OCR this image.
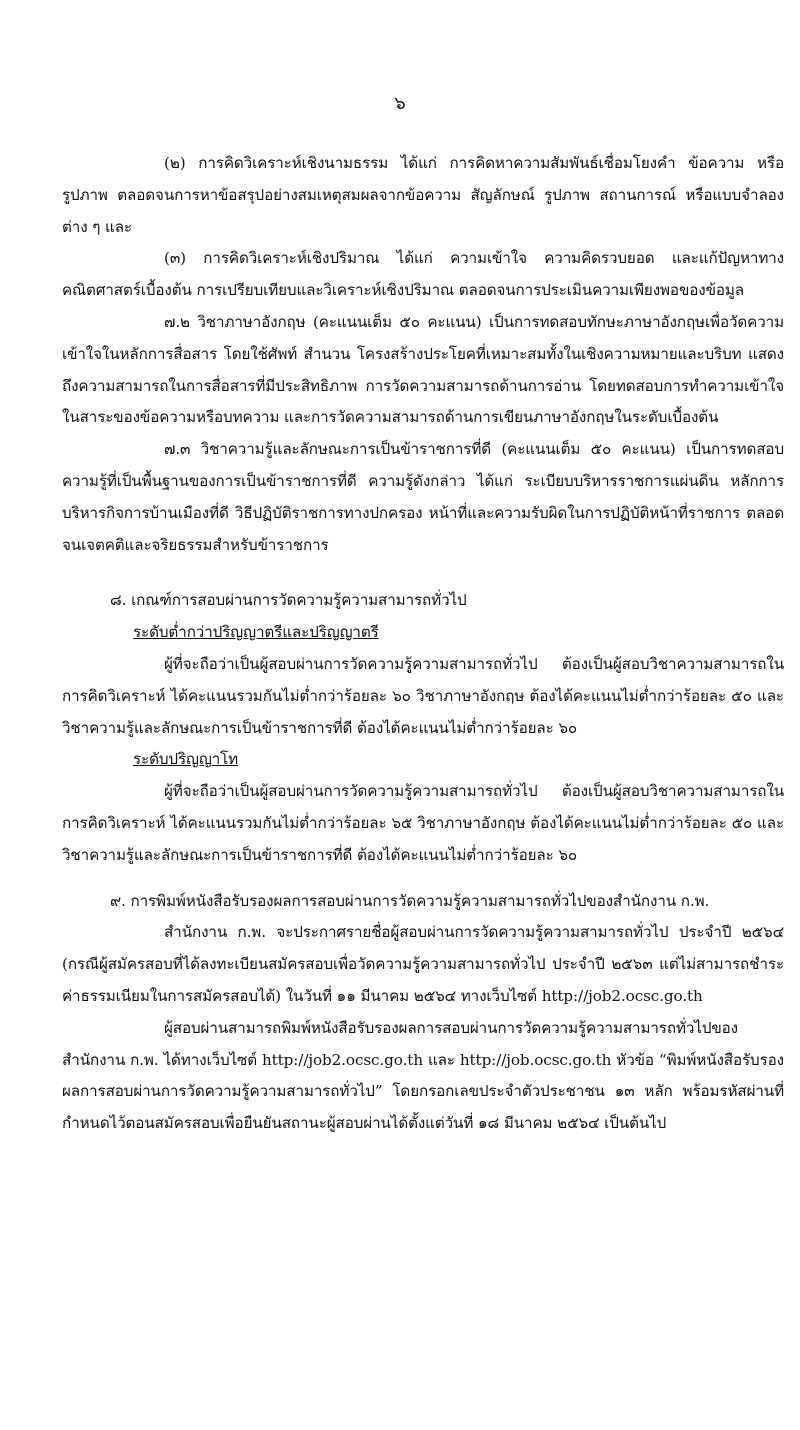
๖

(๒) การคิดวิเคราะห์เชิงนามธรรม ได้แก่ การคิดหาความสัมพันธ์เชื่อมโยงคำ ข้อความ หรือรูปภาพ ตลอดจนการหาข้อสรุปอย่างสมเหตุสมผลจากข้อความ สัญลักษณ์ รูปภาพ สถานการณ์ หรือแบบจำลองต่าง ๆ และ

(๓) การคิดวิเคราะห์เชิงปริมาณ ได้แก่ ความเข้าใจ ความคิดรวบยอด และแก้ปัญหาทางคณิตศาสตร์เบื้องต้น การเปรียบเทียบและวิเคราะห์เชิงปริมาณ ตลอดจนการประเมินความเพียงพอของข้อมูล

๗.๒ วิชาภาษาอังกฤษ (คะแนนเต็ม ๕๐ คะแนน) เป็นการทดสอบทักษะภาษาอังกฤษเพื่อวัดความเข้าใจในหลักการสื่อสาร โดยใช้ศัพท์ สำนวน โครงสร้างประโยคที่เหมาะสมทั้งในเชิงความหมายและบริบท แสดงถึงความสามารถในการสื่อสารที่มีประสิทธิภาพ การวัดความสามารถด้านการอ่าน โดยทดสอบการทำความเข้าใจในสาระของข้อความหรือบทความ และการวัดความสามารถด้านการเขียนภาษาอังกฤษในระดับเบื้องต้น

๗.๓ วิชาความรู้และลักษณะการเป็นข้าราชการที่ดี (คะแนนเต็ม ๕๐ คะแนน) เป็นการทดสอบความรู้ที่เป็นพื้นฐานของการเป็นข้าราชการที่ดี ความรู้ดังกล่าว ได้แก่ ระเบียบบริหารราชการแผ่นดิน หลักการบริหารกิจการบ้านเมืองที่ดี วิธีปฏิบัติราชการทางปกครอง หน้าที่และความรับผิดในการปฏิบัติหน้าที่ราชการ ตลอดจนเจตคติและจริยธรรมสำหรับข้าราชการ

๘. เกณฑ์การสอบผ่านการวัดความรู้ความสามารถทั่วไป

ระดับต่ำกว่าปริญญาตรีและปริญญาตรี

ผู้ที่จะถือว่าเป็นผู้สอบผ่านการวัดความรู้ความสามารถทั่วไป ต้องเป็นผู้สอบวิชาความสามารถในการคิดวิเคราะห์ ได้คะแนนรวมกันไม่ต่ำกว่าร้อยละ ๖๐ วิชาภาษาอังกฤษ ต้องได้คะแนนไม่ต่ำกว่าร้อยละ ๕๐ และวิชาความรู้และลักษณะการเป็นข้าราชการที่ดี ต้องได้คะแนนไม่ต่ำกว่าร้อยละ ๖๐

ระดับปริญญาโท

ผู้ที่จะถือว่าเป็นผู้สอบผ่านการวัดความรู้ความสามารถทั่วไป ต้องเป็นผู้สอบวิชาความสามารถในการคิดวิเคราะห์ ได้คะแนนรวมกันไม่ต่ำกว่าร้อยละ ๖๕ วิชาภาษาอังกฤษ ต้องได้คะแนนไม่ต่ำกว่าร้อยละ ๕๐ และวิชาความรู้และลักษณะการเป็นข้าราชการที่ดี ต้องได้คะแนนไม่ต่ำกว่าร้อยละ ๖๐

๙. การพิมพ์หนังสือรับรองผลการสอบผ่านการวัดความรู้ความสามารถทั่วไปของสำนักงาน ก.พ.

สำนักงาน ก.พ. จะประกาศรายชื่อผู้สอบผ่านการวัดความรู้ความสามารถทั่วไป ประจำปี ๒๕๖๔ (กรณีผู้สมัครสอบที่ได้ลงทะเบียนสมัครสอบเพื่อวัดความรู้ความสามารถทั่วไป ประจำปี ๒๕๖๓ แต่ไม่สามารถชำระค่าธรรมเนียมในการสมัครสอบได้) ในวันที่ ๑๑ มีนาคม ๒๕๖๔ ทางเว็บไซต์ http://job2.ocsc.go.th

ผู้สอบผ่านสามารถพิมพ์หนังสือรับรองผลการสอบผ่านการวัดความรู้ความสามารถทั่วไปของสำนักงาน ก.พ. ได้ทางเว็บไซต์ http://job2.ocsc.go.th และ http://job.ocsc.go.th หัวข้อ “พิมพ์หนังสือรับรองผลการสอบผ่านการวัดความรู้ความสามารถทั่วไป” โดยกรอกเลขประจำตัวประชาชน ๑๓ หลัก พร้อมรหัสผ่านที่กำหนดไว้ตอนสมัครสอบเพื่อยืนยันสถานะผู้สอบผ่านได้ตั้งแต่วันที่ ๑๘ มีนาคม ๒๕๖๔ เป็นต้นไป
